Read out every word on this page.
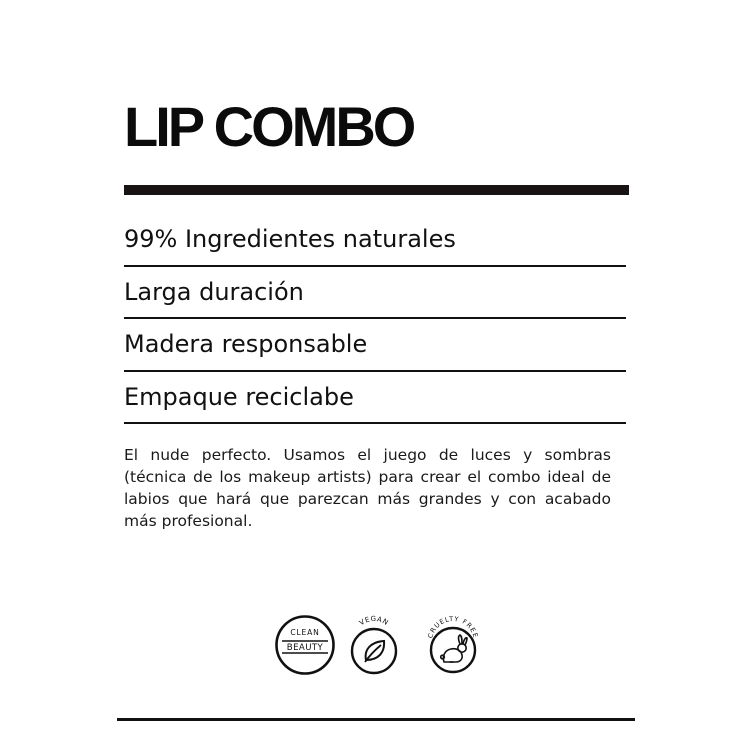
LIP COMBO
99% Ingredientes naturales
Larga duración
Madera responsable
Empaque reciclabe

El nude perfecto. Usamos el juego de luces y sombras (técnica de los makeup artists) para crear el combo ideal de labios que hará que parezcan más grandes y con acabado más profesional.

CLEAN
BEAUTY
VEGAN
CRUELTY FREE
